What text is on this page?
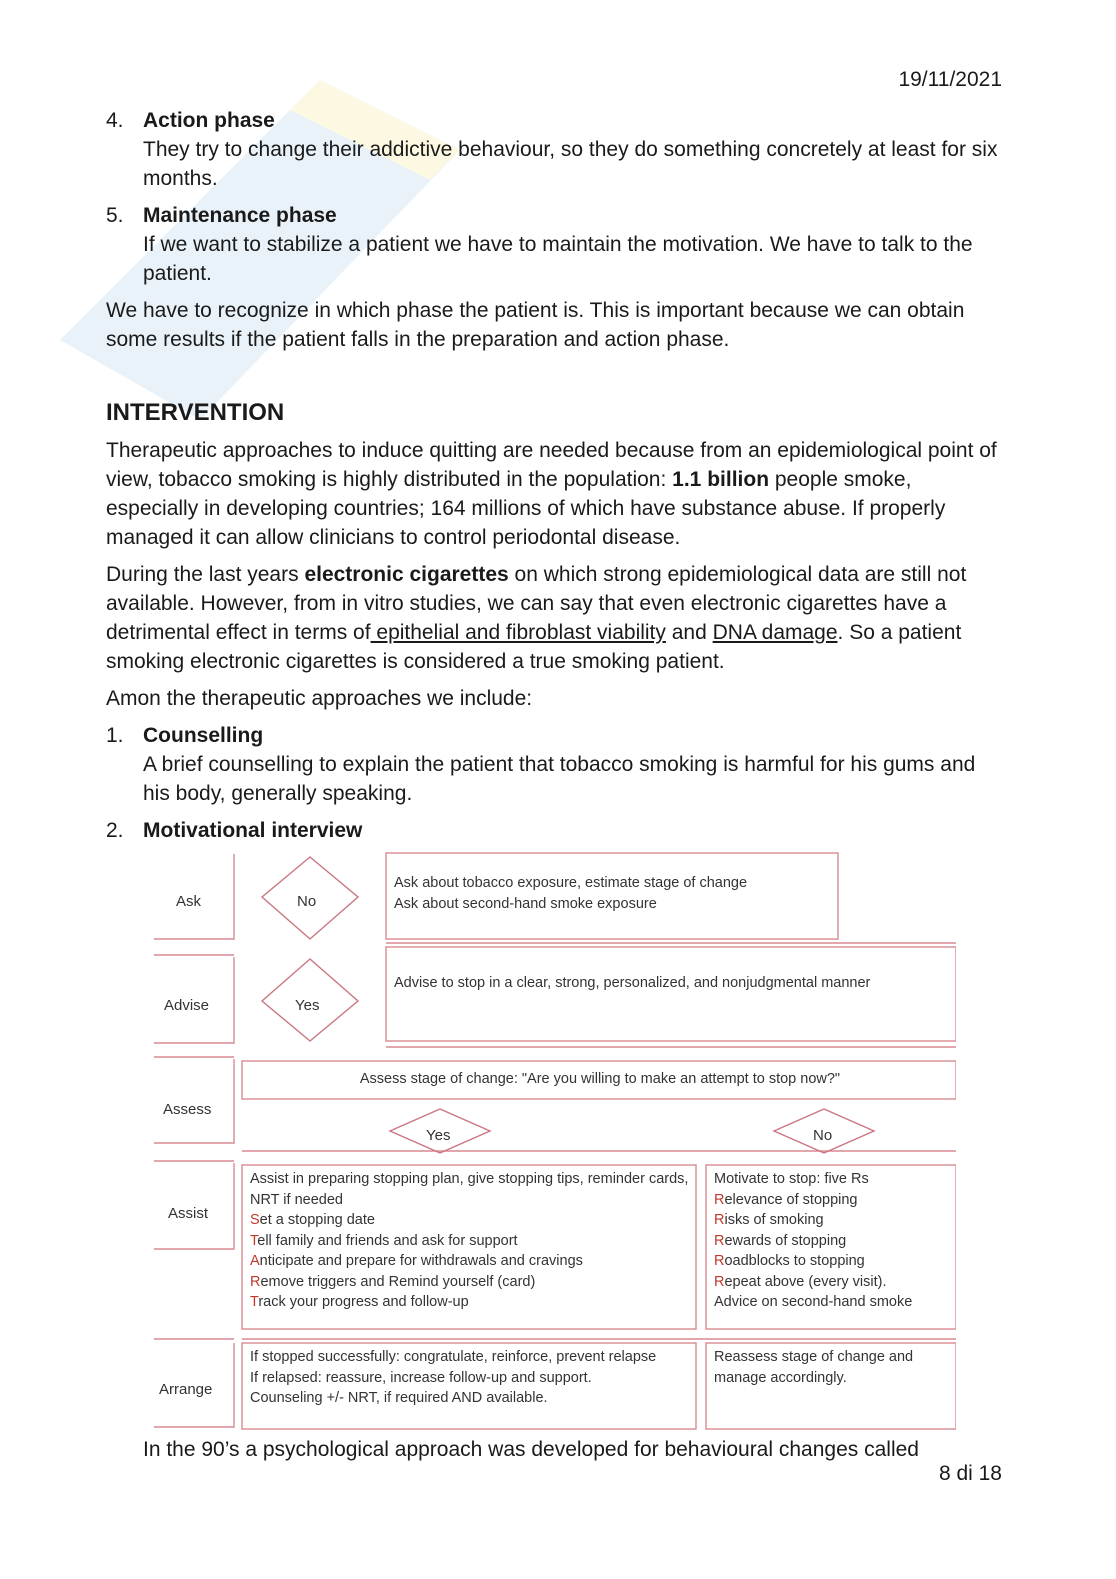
19/11/2021
4. Action phase
They try to change their addictive behaviour, so they do something concretely at least for six months.
5. Maintenance phase
If we want to stabilize a patient we have to maintain the motivation. We have to talk to the patient.

We have to recognize in which phase the patient is. This is important because we can obtain some results if the patient falls in the preparation and action phase.

INTERVENTION

Therapeutic approaches to induce quitting are needed because from an epidemiological point of view, tobacco smoking is highly distributed in the population: 1.1 billion people smoke, especially in developing countries; 164 millions of which have substance abuse. If properly managed it can allow clinicians to control periodontal disease.

During the last years electronic cigarettes on which strong epidemiological data are still not available. However, from in vitro studies, we can say that even electronic cigarettes have a detrimental effect in terms of epithelial and fibroblast viability and DNA damage. So a patient smoking electronic cigarettes is considered a true smoking patient.

Amon the therapeutic approaches we include:

1. Counselling
A brief counselling to explain the patient that tobacco smoking is harmful for his gums and his body, generally speaking.
2. Motivational interview
Ask
Advise
Assess
Assist
Arrange
No
Yes
Yes	No
Ask about tobacco exposure, estimate stage of change
Ask about second-hand smoke exposure
Advise to stop in a clear, strong, personalized, and nonjudgmental manner
Assess stage of change: "Are you willing to make an attempt to stop now?"
Assist in preparing stopping plan, give stopping tips, reminder cards, NRT if needed
Set a stopping date
Tell family and friends and ask for support
Anticipate and prepare for withdrawals and cravings
Remove triggers and Remind yourself (card)
Track your progress and follow-up
Motivate to stop: five Rs
Relevance of stopping
Risks of smoking
Rewards of stopping
Roadblocks to stopping
Repeat above (every visit).
Advice on second-hand smoke
If stopped successfully: congratulate, reinforce, prevent relapse
If relapsed: reassure, increase follow-up and support.
Counseling +/- NRT, if required AND available.
Reassess stage of change and manage accordingly.

In the 90’s a psychological approach was developed for behavioural changes called

8 di 18
